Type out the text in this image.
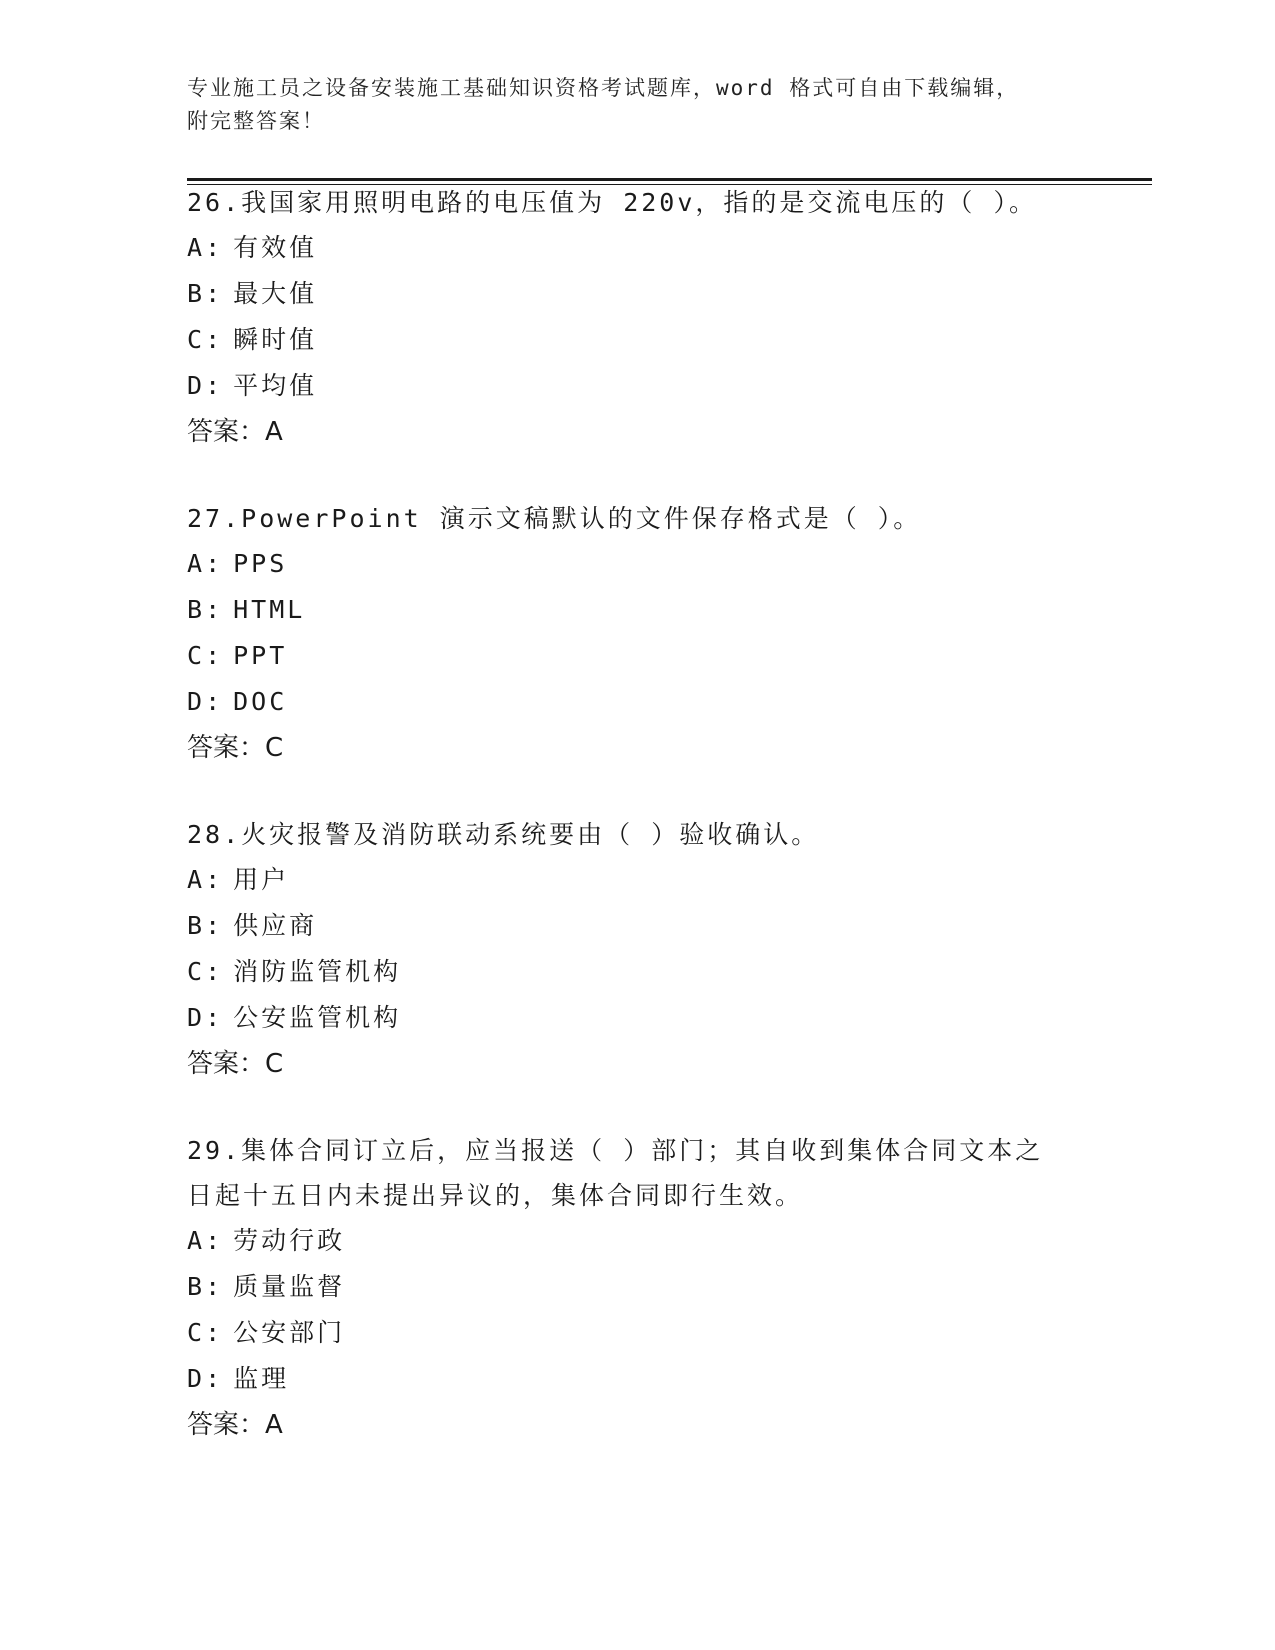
专业施工员之设备安装施工基础知识资格考试题库，word 格式可自由下载编辑，
附完整答案！

26.我国家用照明电路的电压值为 220v，指的是交流电压的（ ）。

A: 有效值

B: 最大值

C: 瞬时值

D: 平均值

答案：A

27.PowerPoint 演示文稿默认的文件保存格式是（ ）。

A: PPS

B: HTML

C: PPT

D: DOC

答案：C

28.火灾报警及消防联动系统要由（ ）验收确认。

A: 用户

B: 供应商

C: 消防监管机构

D: 公安监管机构

答案：C

29.集体合同订立后，应当报送（ ）部门；其自收到集体合同文本之日起十五日内未提出异议的，集体合同即行生效。

A: 劳动行政

B: 质量监督

C: 公安部门

D: 监理

答案：A
